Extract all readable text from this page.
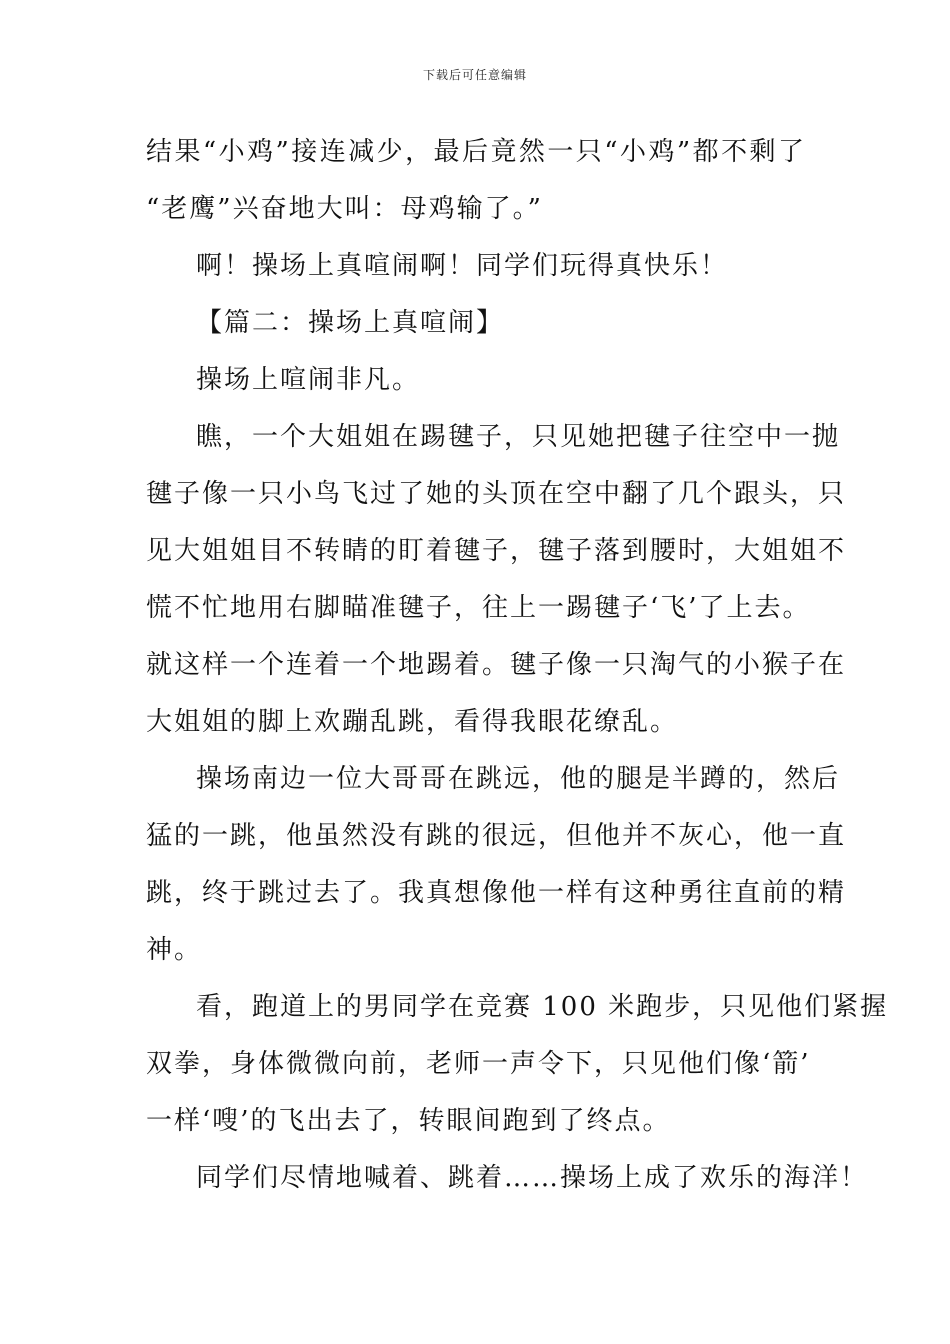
下载后可任意编辑
结果“小鸡”接连减少，最后竟然一只“小鸡”都不剩了
“老鹰”兴奋地大叫：母鸡输了。”
啊！操场上真喧闹啊！同学们玩得真快乐！
【篇二：操场上真喧闹】
操场上喧闹非凡。
瞧，一个大姐姐在踢毽子，只见她把毽子往空中一抛
毽子像一只小鸟飞过了她的头顶在空中翻了几个跟头，只
见大姐姐目不转睛的盯着毽子，毽子落到腰时，大姐姐不
慌不忙地用右脚瞄准毽子，往上一踢毽子‘飞’了上去。
就这样一个连着一个地踢着。毽子像一只淘气的小猴子在
大姐姐的脚上欢蹦乱跳，看得我眼花缭乱。
操场南边一位大哥哥在跳远，他的腿是半蹲的，然后
猛的一跳，他虽然没有跳的很远，但他并不灰心，他一直
跳，终于跳过去了。我真想像他一样有这种勇往直前的精
神。
看，跑道上的男同学在竞赛 100 米跑步，只见他们紧握
双拳，身体微微向前，老师一声令下，只见他们像‘箭’
一样‘嗖’的飞出去了，转眼间跑到了终点。
同学们尽情地喊着、跳着……操场上成了欢乐的海洋！
